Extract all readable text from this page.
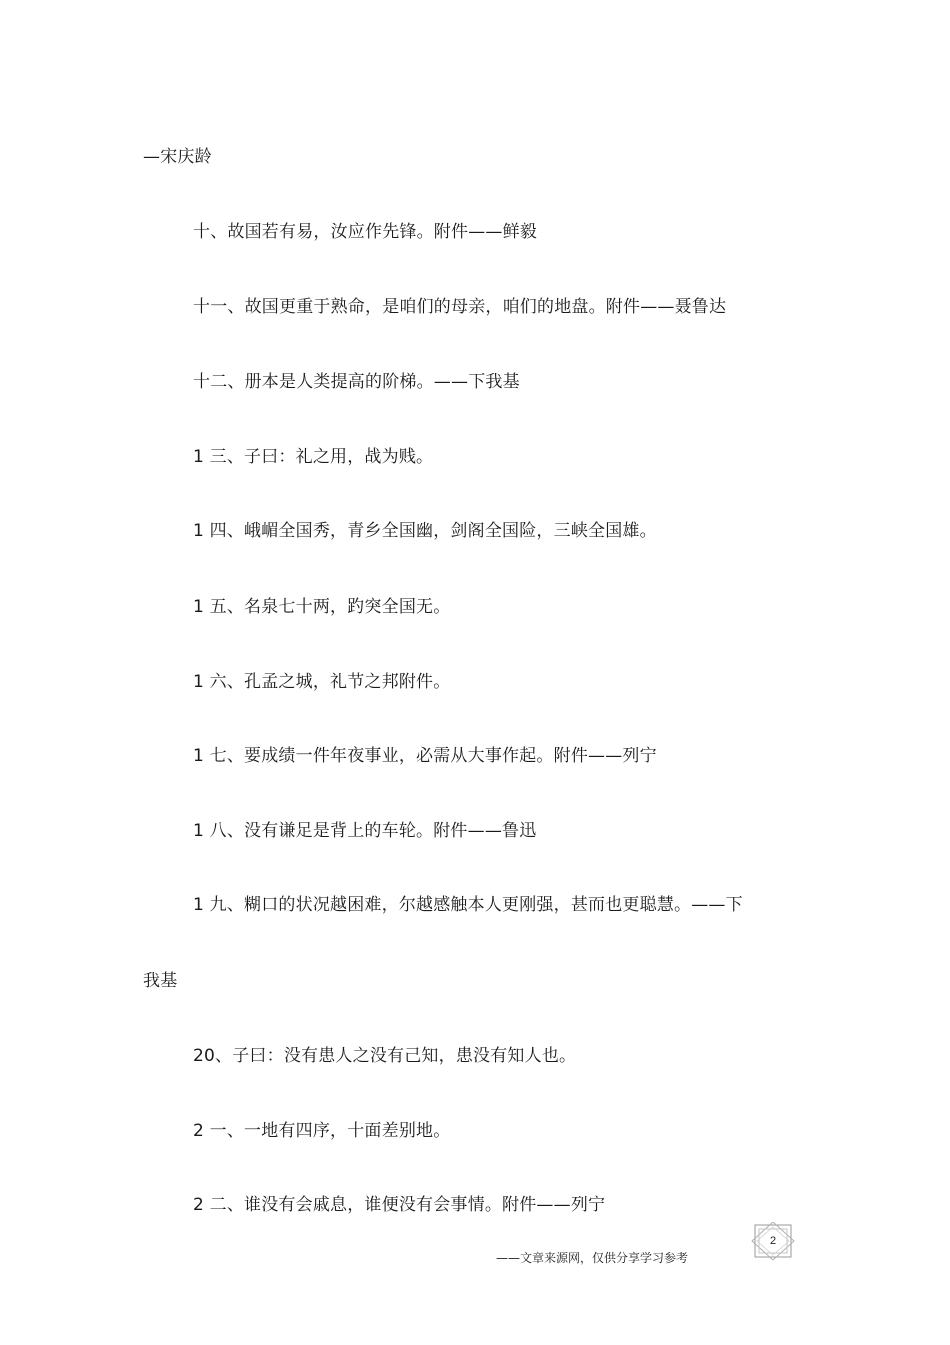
—宋庆龄
十、故国若有易，汝应作先锋。附件——鲜毅
十一、故国更重于熟命，是咱们的母亲，咱们的地盘。附件——聂鲁达
十二、册本是人类提高的阶梯。——下我基
1 三、子曰：礼之用，战为贱。
1 四、峨嵋全国秀，青乡全国幽，剑阁全国险，三峡全国雄。
1 五、名泉七十两，趵突全国无。
1 六、孔孟之城，礼节之邦附件。
1 七、要成绩一件年夜事业，必需从大事作起。附件——列宁
1 八、没有谦足是背上的车轮。附件——鲁迅
1 九、糊口的状况越困难，尔越感触本人更刚强，甚而也更聪慧。——下
我基
20、子曰：没有患人之没有己知，患没有知人也。
2 一、一地有四序，十面差别地。
2 二、谁没有会戚息，谁便没有会事情。附件——列宁
2
——文章来源网，仅供分享学习参考
